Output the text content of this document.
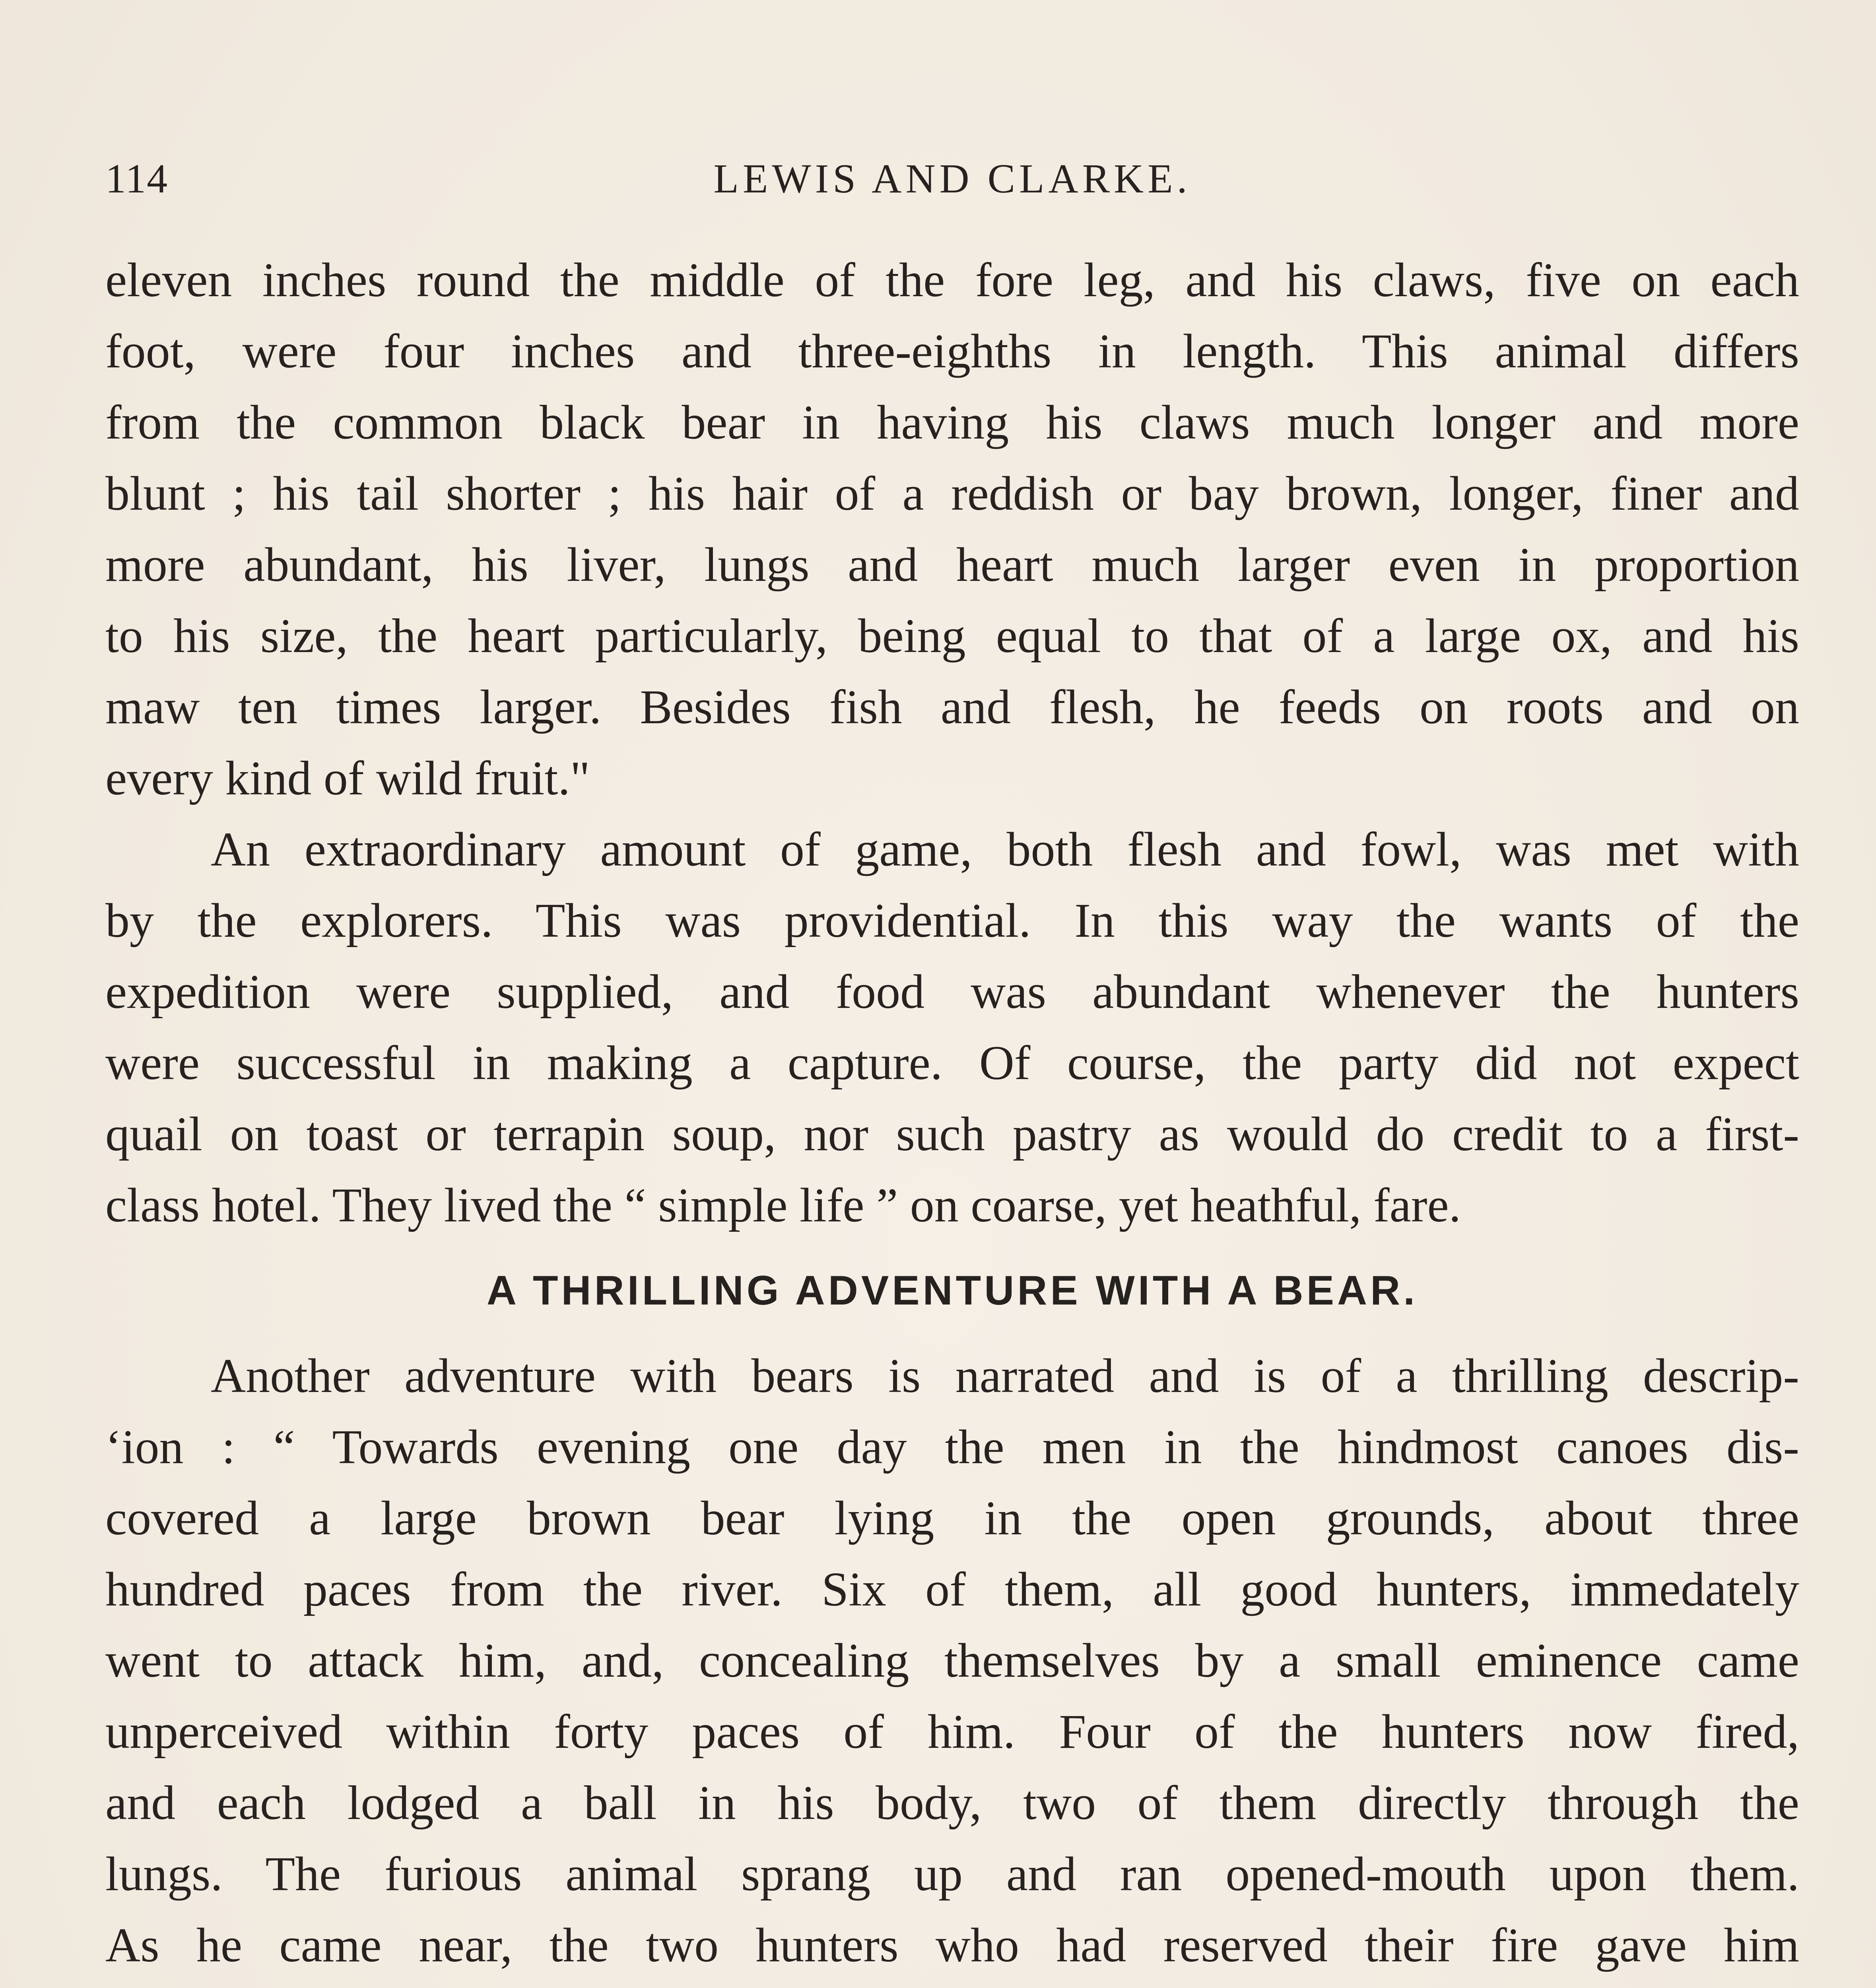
114	LEWIS AND CLARKE.
eleven inches round the middle of the fore leg, and his claws, five on each
foot, were four inches and three-eighths in length. This animal differs
from the common black bear in having his claws much longer and more
blunt ; his tail shorter ; his hair of a reddish or bay brown, longer, finer and
more abundant, his liver, lungs and heart much larger even in proportion
to his size, the heart particularly, being equal to that of a large ox, and his
maw ten times larger. Besides fish and flesh, he feeds on roots and on
every kind of wild fruit."
An extraordinary amount of game, both flesh and fowl, was met with
by the explorers. This was providential. In this way the wants of the
expedition were supplied, and food was abundant whenever the hunters
were successful in making a capture. Of course, the party did not expect
quail on toast or terrapin soup, nor such pastry as would do credit to a first-
class hotel. They lived the “ simple life ” on coarse, yet heathful, fare.
A THRILLING ADVENTURE WITH A BEAR.
Another adventure with bears is narrated and is of a thrilling descrip-
‘ion : “ Towards evening one day the men in the hindmost canoes dis-
covered a large brown bear lying in the open grounds, about three
hundred paces from the river. Six of them, all good hunters, immedately
went to attack him, and, concealing themselves by a small eminence came
unperceived within forty paces of him. Four of the hunters now fired,
and each lodged a ball in his body, two of them directly through the
lungs. The furious animal sprang up and ran opened-mouth upon them.
As he came near, the two hunters who had reserved their fire gave him
